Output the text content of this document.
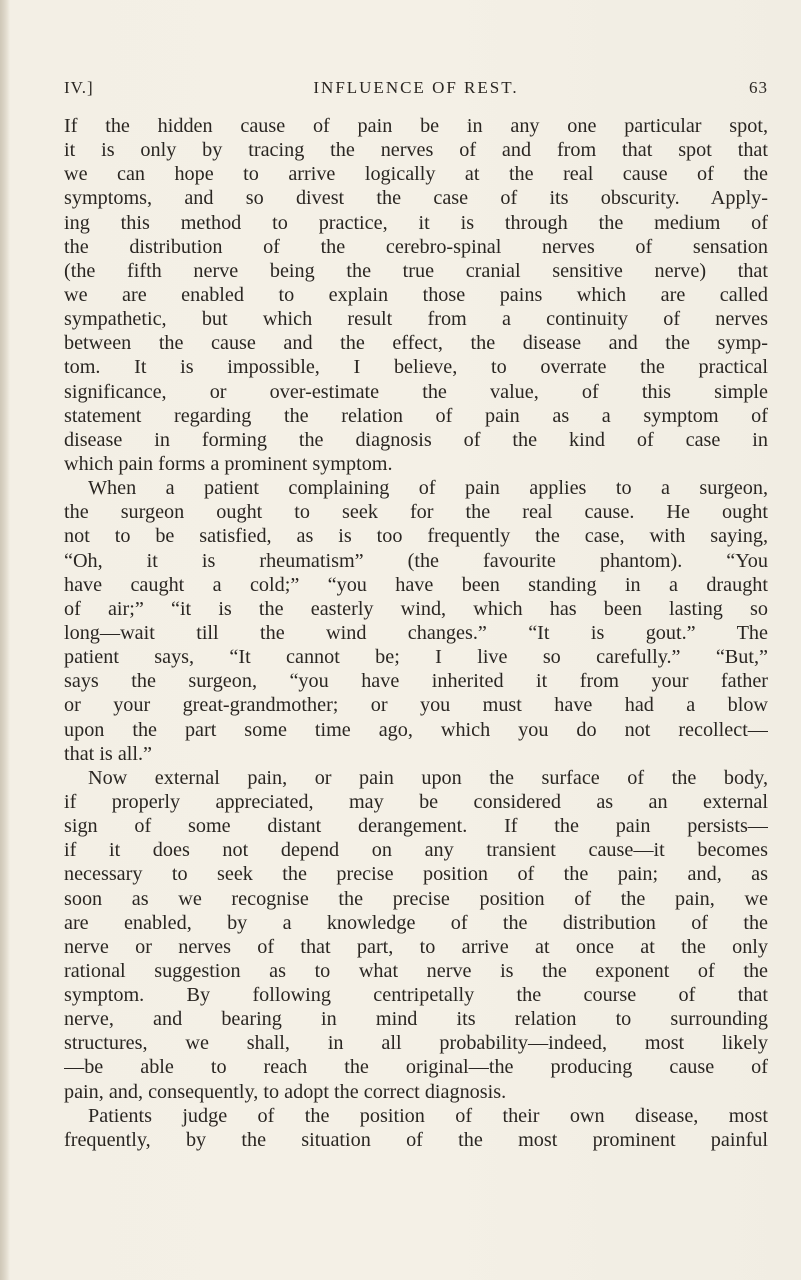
IV.]	INFLUENCE OF REST.	63
If the hidden cause of pain be in any one particular spot,
it is only by tracing the nerves of and from that spot that
we can hope to arrive logically at the real cause of the
symptoms, and so divest the case of its obscurity. Apply-
ing this method to practice, it is through the medium of
the distribution of the cerebro-spinal nerves of sensation
(the fifth nerve being the true cranial sensitive nerve) that
we are enabled to explain those pains which are called
sympathetic, but which result from a continuity of nerves
between the cause and the effect, the disease and the symp-
tom. It is impossible, I believe, to overrate the practical
significance, or over-estimate the value, of this simple
statement regarding the relation of pain as a symptom of
disease in forming the diagnosis of the kind of case in
which pain forms a prominent symptom.
When a patient complaining of pain applies to a surgeon,
the surgeon ought to seek for the real cause. He ought
not to be satisfied, as is too frequently the case, with saying,
“Oh, it is rheumatism” (the favourite phantom). “You
have caught a cold;” “you have been standing in a draught
of air;” “it is the easterly wind, which has been lasting so
long—wait till the wind changes.” “It is gout.” The
patient says, “It cannot be; I live so carefully.” “But,”
says the surgeon, “you have inherited it from your father
or your great-grandmother; or you must have had a blow
upon the part some time ago, which you do not recollect—
that is all.”
Now external pain, or pain upon the surface of the body,
if properly appreciated, may be considered as an external
sign of some distant derangement. If the pain persists—
if it does not depend on any transient cause—it becomes
necessary to seek the precise position of the pain; and, as
soon as we recognise the precise position of the pain, we
are enabled, by a knowledge of the distribution of the
nerve or nerves of that part, to arrive at once at the only
rational suggestion as to what nerve is the exponent of the
symptom. By following centripetally the course of that
nerve, and bearing in mind its relation to surrounding
structures, we shall, in all probability—indeed, most likely
—be able to reach the original—the producing cause of
pain, and, consequently, to adopt the correct diagnosis.
Patients judge of the position of their own disease, most
frequently, by the situation of the most prominent painful
